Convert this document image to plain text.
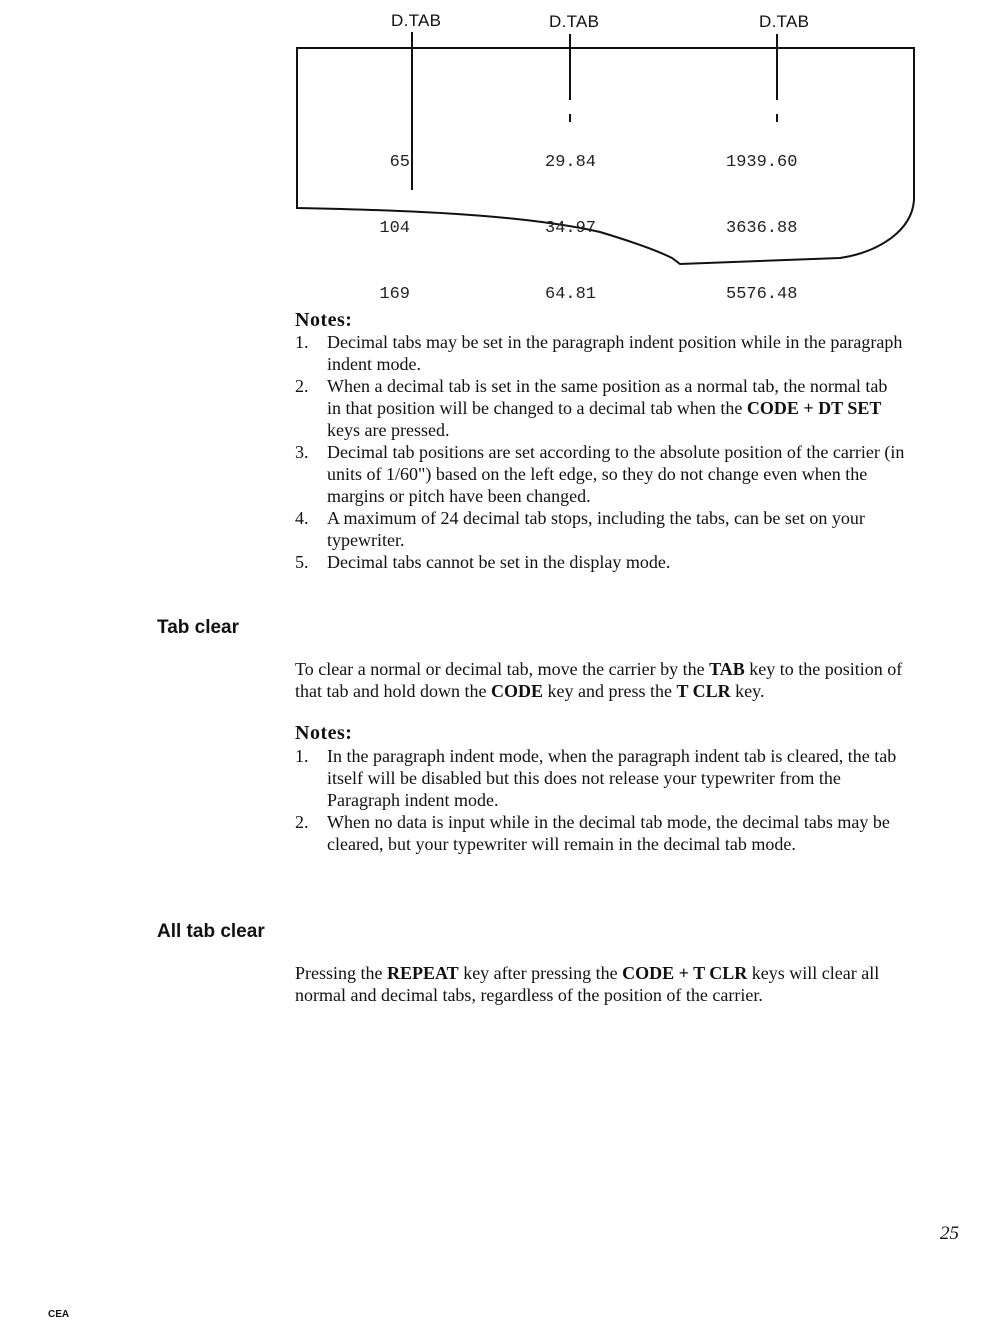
D.TAB	D.TAB	D.TAB

65

104

169

29.84

34.97

64.81

1939.60

3636.88

5576.48

Notes:
1. Decimal tabs may be set in the paragraph indent position while in the paragraph indent mode.
2. When a decimal tab is set in the same position as a normal tab, the normal tab in that position will be changed to a decimal tab when the CODE + DT SET keys are pressed.
3. Decimal tab positions are set according to the absolute position of the carrier (in units of 1/60") based on the left edge, so they do not change even when the margins or pitch have been changed.
4. A maximum of 24 decimal tab stops, including the tabs, can be set on your typewriter.
5. Decimal tabs cannot be set in the display mode.
Tab clear
To clear a normal or decimal tab, move the carrier by the TAB key to the position of that tab and hold down the CODE key and press the T CLR key.
Notes:
1. In the paragraph indent mode, when the paragraph indent tab is cleared, the tab itself will be disabled but this does not release your typewriter from the Paragraph indent mode.
2. When no data is input while in the decimal tab mode, the decimal tabs may be cleared, but your typewriter will remain in the decimal tab mode.
All tab clear
Pressing the REPEAT key after pressing the CODE + T CLR keys will clear all normal and decimal tabs, regardless of the position of the carrier.
25
CEA
